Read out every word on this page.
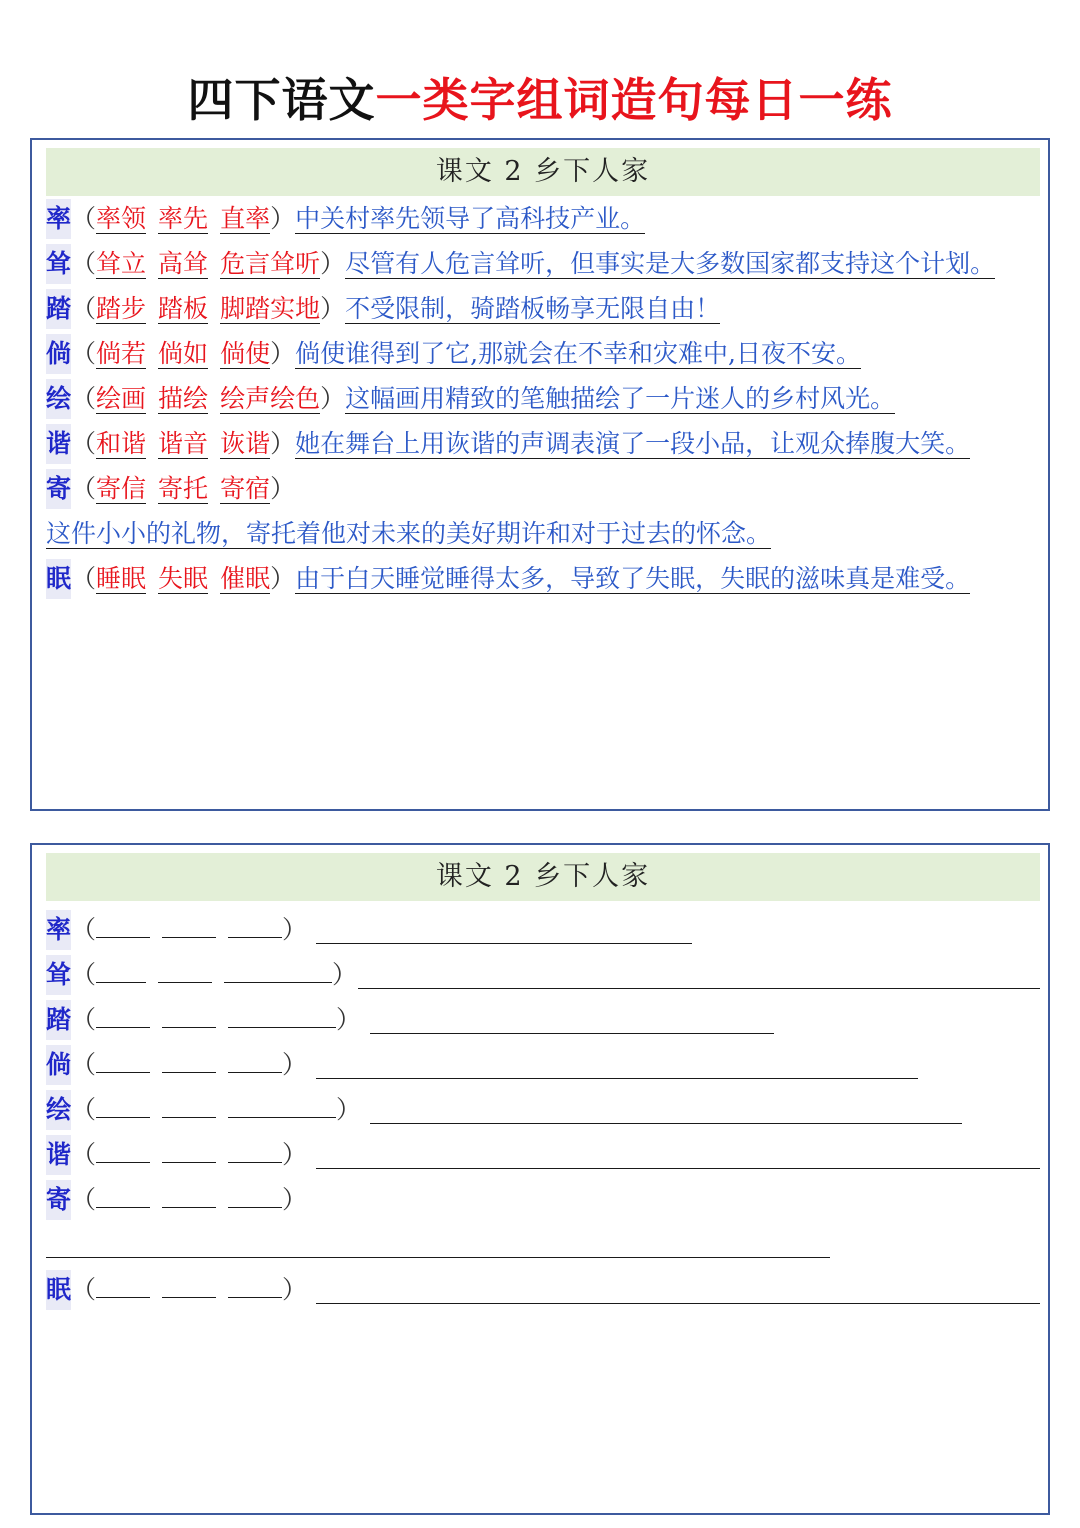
四下语文一类字组词造句每日一练
课文 2 乡下人家
率（率领 率先 直率）中关村率先领导了高科技产业。
耸（耸立 高耸 危言耸听）尽管有人危言耸听，但事实是大多数国家都支持这个计划。
踏（踏步 踏板 脚踏实地）不受限制，骑踏板畅享无限自由！
倘（倘若 倘如 倘使）倘使谁得到了它,那就会在不幸和灾难中,日夜不安。
绘（绘画 描绘 绘声绘色）这幅画用精致的笔触描绘了一片迷人的乡村风光。
谐（和谐 谐音 诙谐）她在舞台上用诙谐的声调表演了一段小品，让观众捧腹大笑。
寄（寄信 寄托 寄宿）
这件小小的礼物，寄托着他对未来的美好期许和对于过去的怀念。
眠（睡眠 失眠 催眠）由于白天睡觉睡得太多，导致了失眠，失眠的滋味真是难受。
课文 2 乡下人家
率（	）
耸（	）
踏（	）
倘（	）
绘（	）
谐（	）
寄（	）
眠（	）
